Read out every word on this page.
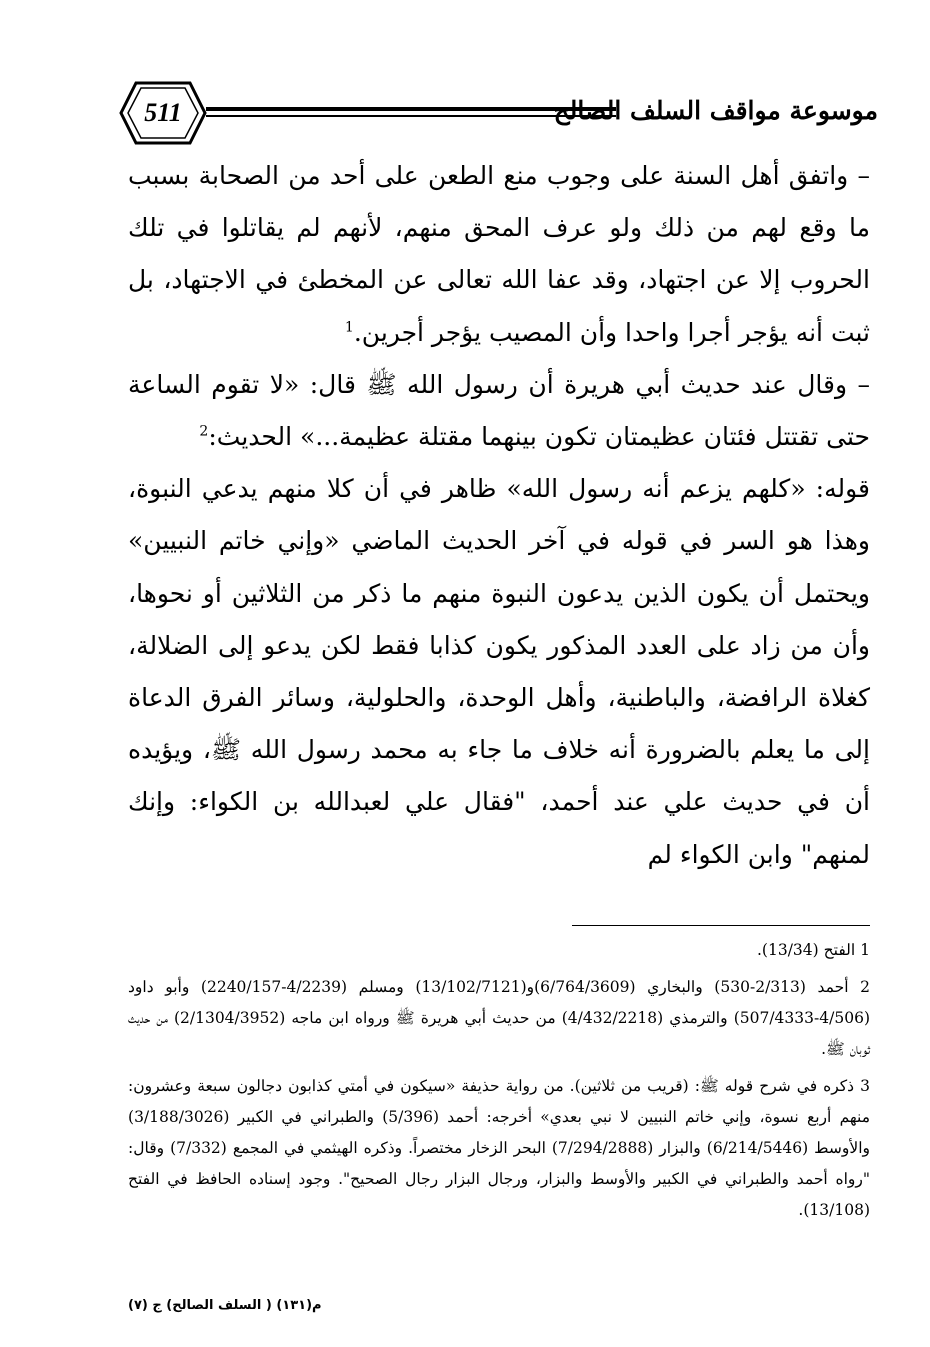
511	موسوعة مواقف السلف الصالح

– واتفق أهل السنة على وجوب منع الطعن على أحد من الصحابة بسبب ما وقع لهم من ذلك ولو عرف المحق منهم، لأنهم لم يقاتلوا في تلك الحروب إلا عن اجتهاد، وقد عفا الله تعالى عن المخطئ في الاجتهاد، بل ثبت أنه يؤجر أجرا واحدا وأن المصيب يؤجر أجرين.$^1$

– وقال عند حديث أبي هريرة أن رسول الله ﷺ قال: «لا تقوم الساعة حتى تقتتل فئتان عظيمتان تكون بينهما مقتلة عظيمة...» الحديث:$^2$

قوله: «كلهم يزعم أنه رسول الله» ظاهر في أن كلا منهم يدعي النبوة، وهذا هو السر في قوله في آخر الحديث الماضي «وإني خاتم النبيين» ويحتمل أن يكون الذين يدعون النبوة منهم ما ذكر من الثلاثين أو نحوها، وأن من زاد على العدد المذكور يكون كذابا فقط لكن يدعو إلى الضلالة، كغلاة الرافضة، والباطنية، وأهل الوحدة، والحلولية، وسائر الفرق الدعاة إلى ما يعلم بالضرورة أنه خلاف ما جاء به محمد رسول الله ﷺ، ويؤيده أن في حديث علي عند أحمد، "فقال علي لعبدالله بن الكواء: وإنك لمنهم" وابن الكواء لم

1 الفتح (13/34).

2 أحمد (2/313-530) والبخاري (6/764/3609)و(13/102/7121) ومسلم (4/2239-2240/157) وأبو داود (4/506-507/4333) والترمذي (4/432/2218) من حديث أبي هريرة ﷺ ورواه ابن ماجه (2/1304/3952) من حديث ثوبان ﷺ.

3 ذكره في شرح قوله ﷺ: (قريب من ثلاثين). من رواية حذيفة «سيكون في أمتي كذابون دجالون سبعة وعشرون: منهم أربع نسوة، وإني خاتم النبيين لا نبي بعدي» أخرجه: أحمد (5/396) والطبراني في الكبير (3/188/3026) والأوسط (6/214/5446) والبزار (7/294/2888) البحر الزخار مختصراً. وذكره الهيثمي في المجمع (7/332) وقال: "رواه أحمد والطبراني في الكبير والأوسط والبزار، ورجال البزار رجال الصحيح". وجود إسناده الحافظ في الفتح (13/108).

م(١٣١) ( السلف الصالح) ج (٧)
